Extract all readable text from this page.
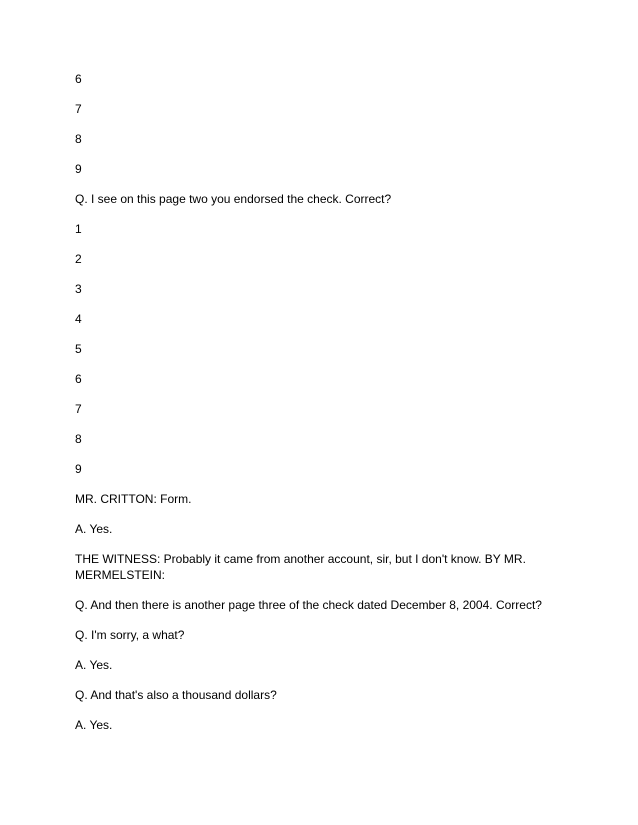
6

7

8

9

Q. I see on this page two you endorsed the check. Correct?

1

2

3

4

5

6

7

8

9

MR. CRITTON: Form.

A. Yes.

THE WITNESS: Probably it came from another account, sir, but I don't know. BY MR. MERMELSTEIN:

Q. And then there is another page three of the check dated December 8, 2004. Correct?

Q. I'm sorry, a what?

A. Yes.

Q. And that's also a thousand dollars?

A. Yes.
